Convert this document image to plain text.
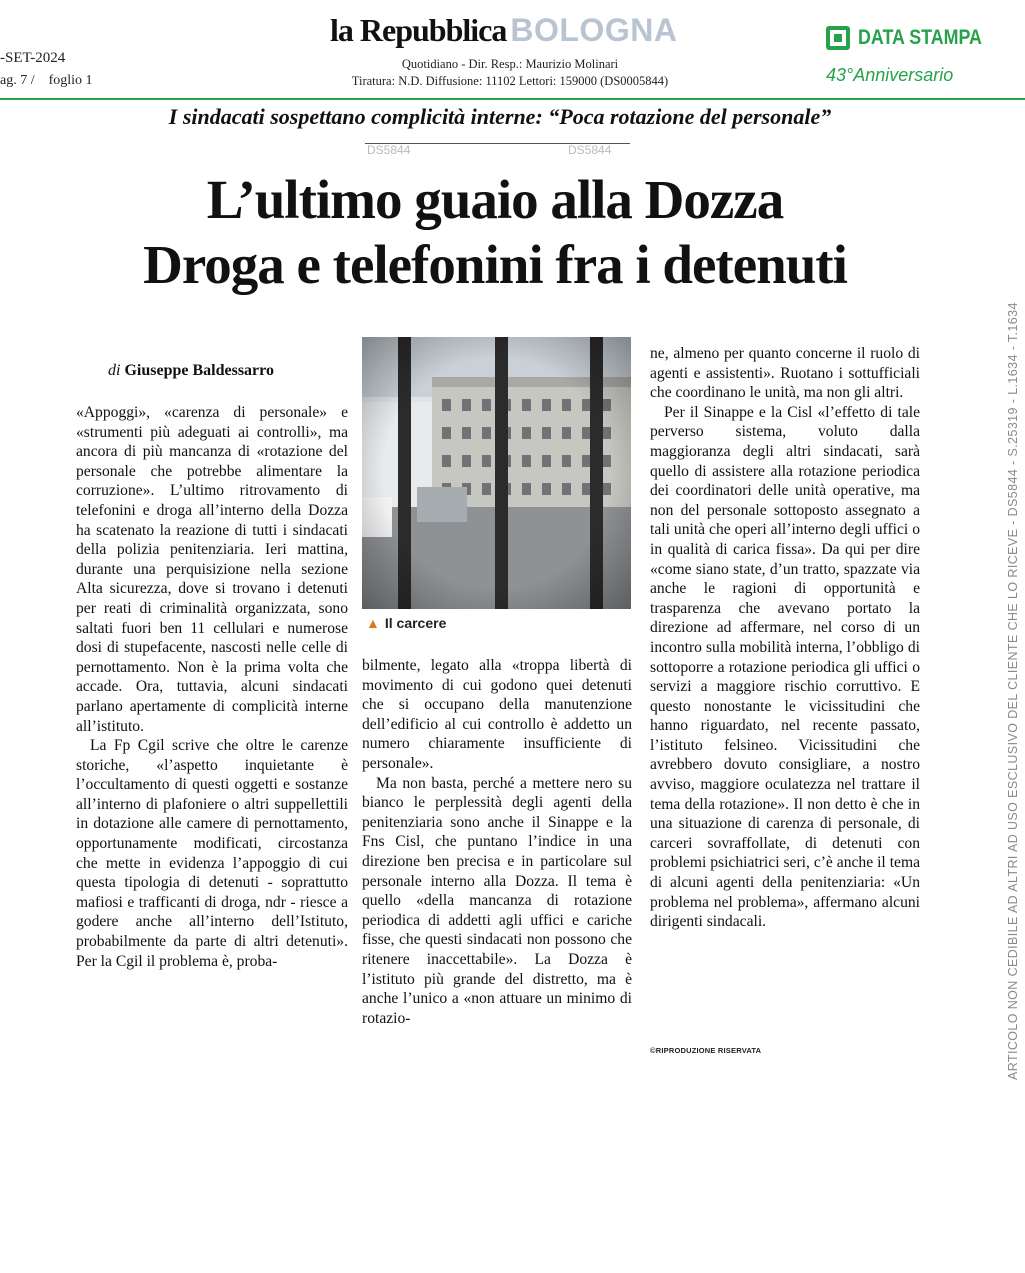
-SET-2024
ag. 7 / foglio 1
la Repubblica BOLOGNA
Quotidiano - Dir. Resp.: Maurizio Molinari
Tiratura: N.D. Diffusione: 11102 Lettori: 159000 (DS0005844)
DATA STAMPA
43°Anniversario
I sindacati sospettano complicità interne: “Poca rotazione del personale”
DS5844	DS5844
L’ultimo guaio alla Dozza
Droga e telefonini fra i detenuti
di Giuseppe Baldessarro

«Appoggi», «carenza di personale» e «strumenti più adeguati ai controlli», ma ancora di più mancanza di «rotazione del personale che potrebbe alimentare la corruzione». L’ultimo ritrovamento di telefonini e droga all’interno della Dozza ha scatenato la reazione di tutti i sindacati della polizia penitenziaria. Ieri mattina, durante una perquisizione nella sezione Alta sicurezza, dove si trovano i detenuti per reati di criminalità organizzata, sono saltati fuori ben 11 cellulari e numerose dosi di stupefacente, nascosti nelle celle di pernottamento. Non è la prima volta che accade. Ora, tuttavia, alcuni sindacati parlano apertamente di complicità interne all’istituto.

La Fp Cgil scrive che oltre le carenze storiche, «l’aspetto inquietante è l’occultamento di questi oggetti e sostanze all’interno di plafoniere o altri suppellettili in dotazione alle camere di pernottamento, opportunamente modificati, circostanza che mette in evidenza l’appoggio di cui questa tipologia di detenuti - soprattutto mafiosi e trafficanti di droga, ndr - riesce a godere anche all’interno dell’Istituto, probabilmente da parte di altri detenuti». Per la Cgil il problema è, proba-

▲ Il carcere

bilmente, legato alla «troppa libertà di movimento di cui godono quei detenuti che si occupano della manutenzione dell’edificio al cui controllo è addetto un numero chiaramente insufficiente di personale».

Ma non basta, perché a mettere nero su bianco le perplessità degli agenti della penitenziaria sono anche il Sinappe e la Fns Cisl, che puntano l’indice in una direzione ben precisa e in particolare sul personale interno alla Dozza. Il tema è quello «della mancanza di rotazione periodica di addetti agli uffici e cariche fisse, che questi sindacati non possono che ritenere inaccettabile». La Dozza è l’istituto più grande del distretto, ma è anche l’unico a «non attuare un minimo di rotazio-

ne, almeno per quanto concerne il ruolo di agenti e assistenti». Ruotano i sottufficiali che coordinano le unità, ma non gli altri.

Per il Sinappe e la Cisl «l’effetto di tale perverso sistema, voluto dalla maggioranza degli altri sindacati, sarà quello di assistere alla rotazione periodica dei coordinatori delle unità operative, ma non del personale sottoposto assegnato a tali unità che operi all’interno degli uffici o in qualità di carica fissa». Da qui per dire «come siano state, d’un tratto, spazzate via anche le ragioni di opportunità e trasparenza che avevano portato la direzione ad affermare, nel corso di un incontro sulla mobilità interna, l’obbligo di sottoporre a rotazione periodica gli uffici o servizi a maggiore rischio corruttivo. E questo nonostante le vicissitudini che hanno riguardato, nel recente passato, l’istituto felsineo. Vicissitudini che avrebbero dovuto consigliare, a nostro avviso, maggiore oculatezza nel trattare il tema della rotazione». Il non detto è che in una situazione di carenza di personale, di carceri sovraffollate, di detenuti con problemi psichiatrici seri, c’è anche il tema di alcuni agenti della penitenziaria: «Un problema nel problema», affermano alcuni dirigenti sindacali.

©RIPRODUZIONE RISERVATA	ARTICOLO NON CEDIBILE AD ALTRI AD USO ESCLUSIVO DEL CLIENTE CHE LO RICEVE - DS5844 - S.25319 - L.1634 - T.1634
